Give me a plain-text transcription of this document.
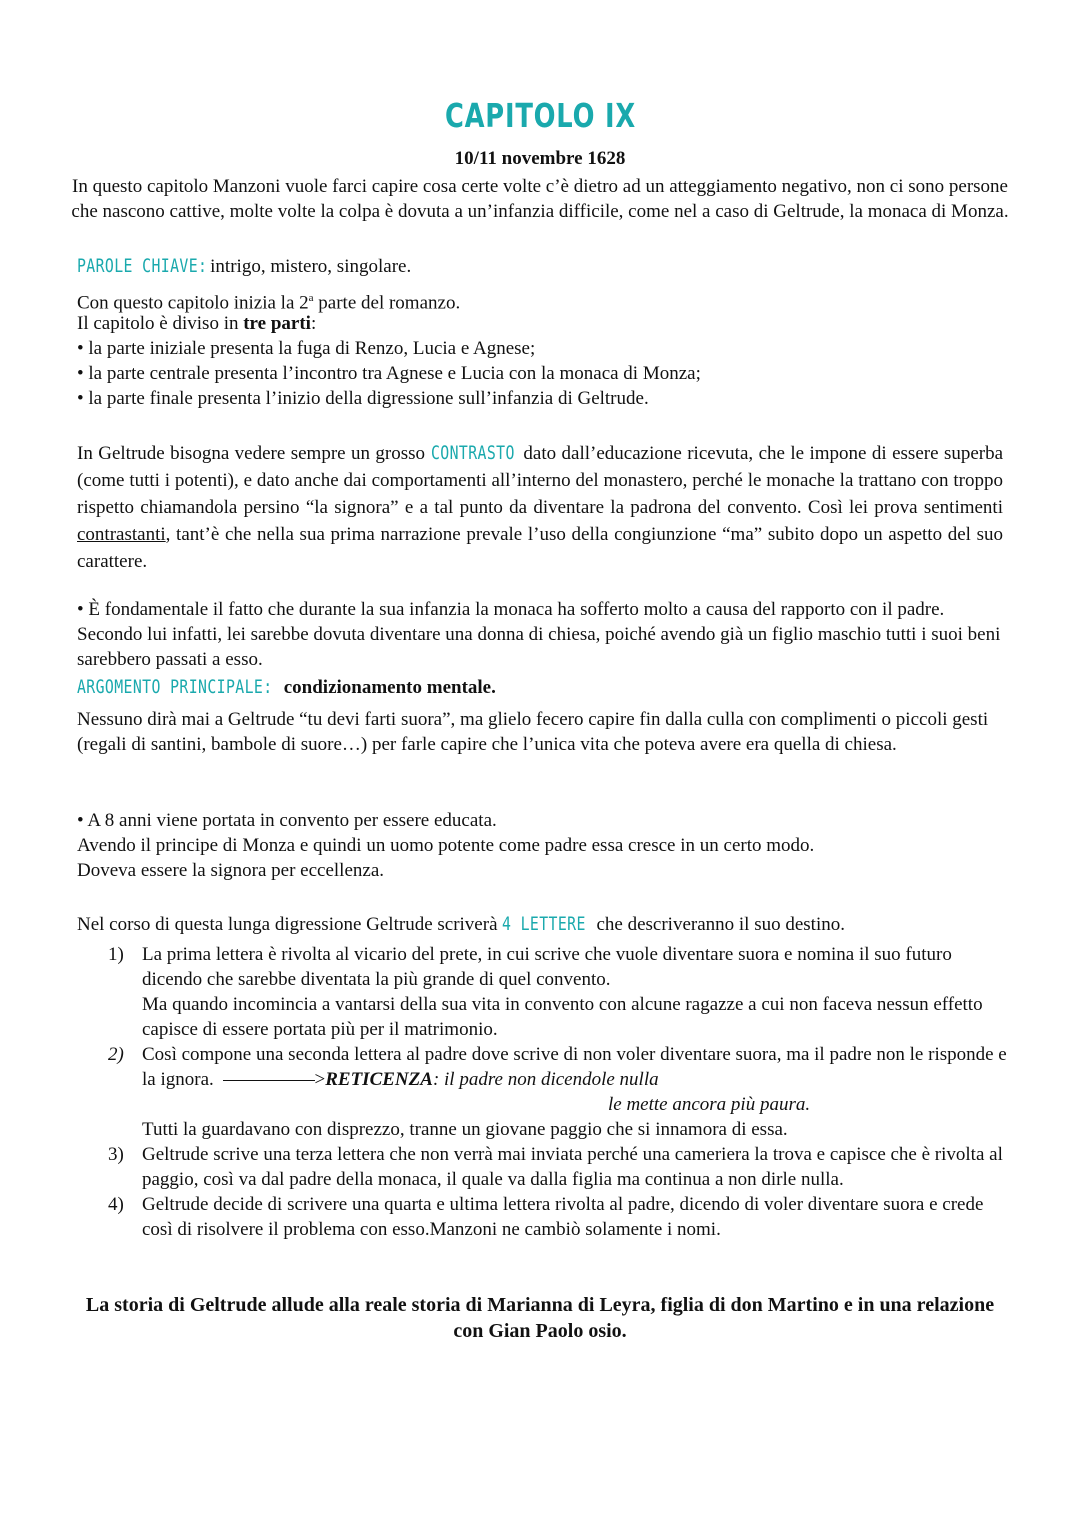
CAPITOLO IX
10/11 novembre 1628
In questo capitolo Manzoni vuole farci capire cosa certe volte c’è dietro ad un atteggiamento negativo, non ci sono persone che nascono cattive, molte volte la colpa è dovuta a un’infanzia difficile, come nel a caso di Geltrude, la monaca di Monza.

PAROLE CHIAVE: intrigo, mistero, singolare.

Con questo capitolo inizia la 2$^a$ parte del romanzo.

Il capitolo è diviso in tre parti:

• la parte iniziale presenta la fuga di Renzo, Lucia e Agnese;
• la parte centrale presenta l’incontro tra Agnese e Lucia con la monaca di Monza;
• la parte finale presenta l’inizio della digressione sull’infanzia di Geltrude.

In Geltrude bisogna vedere sempre un grosso CONTRASTO dato dall’educazione ricevuta, che le impone di essere superba (come tutti i potenti), e dato anche dai comportamenti all’interno del monastero, perché le monache la trattano con troppo rispetto chiamandola persino “la signora” e a tal punto da diventare la padrona del convento. Così lei prova sentimenti contrastanti, tant’è che nella sua prima narrazione prevale l’uso della congiunzione “ma” subito dopo un aspetto del suo carattere.

• È fondamentale il fatto che durante la sua infanzia la monaca ha sofferto molto a causa del rapporto con il padre. Secondo lui infatti, lei sarebbe dovuta diventare una donna di chiesa, poiché avendo già un figlio maschio tutti i suoi beni sarebbero passati a esso.

ARGOMENTO PRINCIPALE: condizionamento mentale.

Nessuno dirà mai a Geltrude “tu devi farti suora”, ma glielo fecero capire fin dalla culla con complimenti o piccoli gesti (regali di santini, bambole di suore…) per farle capire che l’unica vita che poteva avere era quella di chiesa.

• A 8 anni viene portata in convento per essere educata.

Avendo il principe di Monza e quindi un uomo potente come padre essa cresce in un certo modo.

Doveva essere la signora per eccellenza.

Nel corso di questa lunga digressione Geltrude scriverà 4 LETTERE che descriveranno il suo destino.

1) La prima lettera è rivolta al vicario del prete, in cui scrive che vuole diventare suora e nomina il suo futuro dicendo che sarebbe diventata la più grande di quel convento.
Ma quando incomincia a vantarsi della sua vita in convento con alcune ragazze a cui non faceva nessun effetto capisce di essere portata più per il matrimonio.
2) Così compone una seconda lettera al padre dove scrive di non voler diventare suora, ma il padre non le risponde e la ignora.	>RETICENZA: il padre non dicendole nulla

le mette ancora più paura.
Tutti la guardavano con disprezzo, tranne un giovane paggio che si innamora di essa.
3) Geltrude scrive una terza lettera che non verrà mai inviata perché una cameriera la trova e capisce che è rivolta al paggio, così va dal padre della monaca, il quale va dalla figlia ma continua a non dirle nulla.
4) Geltrude decide di scrivere una quarta e ultima lettera rivolta al padre, dicendo di voler diventare suora e crede così di risolvere il problema con esso.Manzoni ne cambiò solamente i nomi.
La storia di Geltrude allude alla reale storia di Marianna di Leyra, figlia di don Martino e in una relazione con Gian Paolo osio.
